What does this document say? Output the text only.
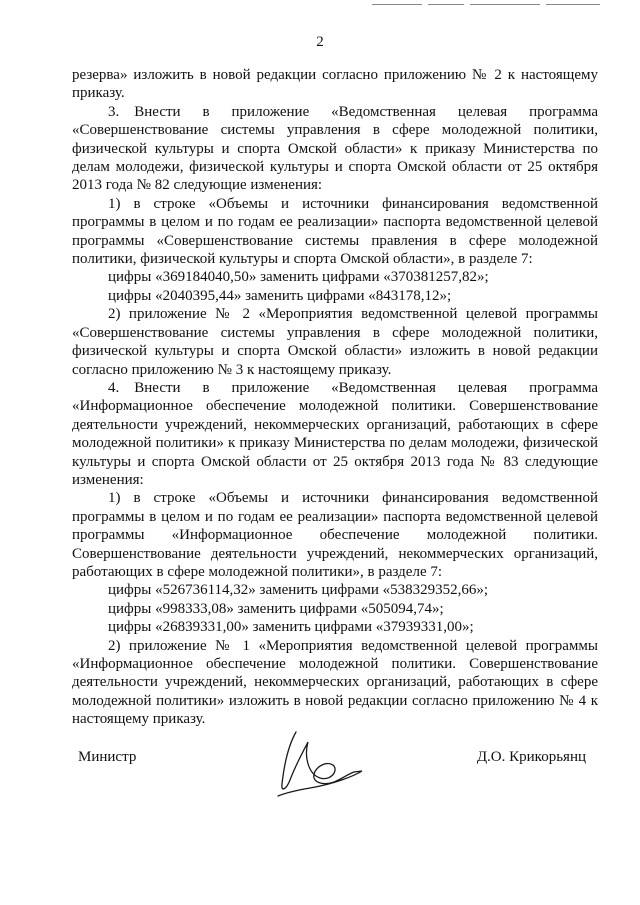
2

резерва» изложить в новой редакции согласно приложению № 2 к настоящему приказу.

3. Внести в приложение «Ведомственная целевая программа «Совершенствование системы управления в сфере молодежной политики, физической культуры и спорта Омской области» к приказу Министерства по делам молодежи, физической культуры и спорта Омской области от 25 октября 2013 года № 82 следующие изменения:

1) в строке «Объемы и источники финансирования ведомственной программы в целом и по годам ее реализации» паспорта ведомственной целевой программы «Совершенствование системы правления в сфере молодежной политики, физической культуры и спорта Омской области», в разделе 7:

цифры «369184040,50» заменить цифрами «370381257,82»;

цифры «2040395,44» заменить цифрами «843178,12»;

2) приложение № 2 «Мероприятия ведомственной целевой программы «Совершенствование системы управления в сфере молодежной политики, физической культуры и спорта Омской области» изложить в новой редакции согласно приложению № 3 к настоящему приказу.

4. Внести в приложение «Ведомственная целевая программа «Информационное обеспечение молодежной политики. Совершенствование деятельности учреждений, некоммерческих организаций, работающих в сфере молодежной политики» к приказу Министерства по делам молодежи, физической культуры и спорта Омской области от 25 октября 2013 года № 83 следующие изменения:

1) в строке «Объемы и источники финансирования ведомственной программы в целом и по годам ее реализации» паспорта ведомственной целевой программы «Информационное обеспечение молодежной политики. Совершенствование деятельности учреждений, некоммерческих организаций, работающих в сфере молодежной политики», в разделе 7:

цифры «526736114,32» заменить цифрами «538329352,66»;

цифры «998333,08» заменить цифрами «505094,74»;

цифры «26839331,00» заменить цифрами «37939331,00»;

2) приложение № 1 «Мероприятия ведомственной целевой программы «Информационное обеспечение молодежной политики. Совершенствование деятельности учреждений, некоммерческих организаций, работающих в сфере молодежной политики» изложить в новой редакции согласно приложению № 4 к настоящему приказу.

Министр	Д.О. Крикорьянц
